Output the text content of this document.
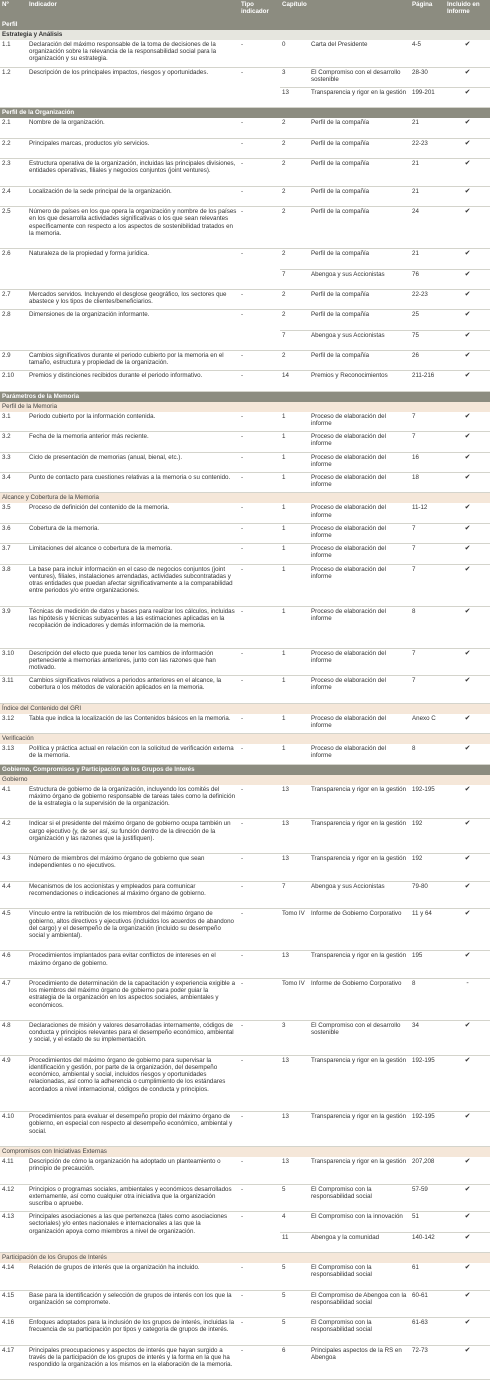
Nº	Indicador	Tipo indicador	Capítulo		Página	Incluido en Informe
Perfil						
Estrategia y Análisis						
1.1	Declaración del máximo responsable de la toma de decisiones de la organización sobre la relevancia de la responsabilidad social para la organización y su estrategia.	-	0	Carta del Presidente	4-5	✔
1.2	Descripción de los principales impactos, riesgos y oportunidades.	-	3	El Compromiso con el desarrollo sostenible	28-30	✔
			13	Transparencia y rigor en la gestión	199-201	✔
Perfil de la Organización						
2.1	Nombre de la organización.	-	2	Perfil de la compañía	21	✔
2.2	Principales marcas, productos y/o servicios.	-	2	Perfil de la compañía	22-23	✔
2.3	Estructura operativa de la organización, incluidas las principales divisiones, entidades operativas, filiales y negocios conjuntos (joint ventures).	-	2	Perfil de la compañía	21	✔
2.4	Localización de la sede principal de la organización.	-	2	Perfil de la compañía	21	✔
2.5	Número de países en los que opera la organización y nombre de los países en los que desarrolla actividades significativas o los que sean relevantes específicamente con respecto a los aspectos de sostenibilidad tratados en la memoria.	-	2	Perfil de la compañía	24	✔
2.6	Naturaleza de la propiedad y forma jurídica.	-	2	Perfil de la compañía	21	✔
			7	Abengoa y sus Accionistas	76	✔
2.7	Mercados servidos. Incluyendo el desglose geográfico, los sectores que abastece y los tipos de clientes/beneficiarios.	-	2	Perfil de la compañía	22-23	✔
2.8	Dimensiones de la organización informante.	-	2	Perfil de la compañía	25	✔
			7	Abengoa y sus Accionistas	75	✔
2.9	Cambios significativos durante el periodo cubierto por la memoria en el tamaño, estructura y propiedad de la organización.	-	2	Perfil de la compañía	26	✔
2.10	Premios y distinciones recibidos durante el periodo informativo.	-	14	Premios y Reconocimientos	211-216	✔
Parámetros de la Memoria						
Perfil de la Memoria						
3.1	Periodo cubierto por la información contenida.	-	1	Proceso de elaboración del informe	7	✔
3.2	Fecha de la memoria anterior más reciente.	-	1	Proceso de elaboración del informe	7	✔
3.3	Ciclo de presentación de memorias (anual, bienal, etc.).	-	1	Proceso de elaboración del informe	16	✔
3.4	Punto de contacto para cuestiones relativas a la memoria o su contenido.	-	1	Proceso de elaboración del informe	18	✔
Alcance y Cobertura de la Memoria						
3.5	Proceso de definición del contenido de la memoria.	-	1	Proceso de elaboración del informe	11-12	✔
3.6	Cobertura de la memoria.	-	1	Proceso de elaboración del informe	7	✔
3.7	Limitaciones del alcance o cobertura de la memoria.	-	1	Proceso de elaboración del informe	7	✔
3.8	La base para incluir información en el caso de negocios conjuntos (joint ventures), filiales, instalaciones arrendadas, actividades subcontratadas y otras entidades que puedan afectar significativamente a la comparabilidad entre periodos y/o entre organizaciones.	-	1	Proceso de elaboración del informe	7	✔
3.9	Técnicas de medición de datos y bases para realizar los cálculos, incluidas las hipótesis y técnicas subyacentes a las estimaciones aplicadas en la recopilación de indicadores y demás información de la memoria.	-	1	Proceso de elaboración del informe	8	✔
3.10	Descripción del efecto que pueda tener los cambios de información perteneciente a memorias anteriores, junto con las razones que han motivado.	-	1	Proceso de elaboración del informe	7	✔
3.11	Cambios significativos relativos a periodos anteriores en el alcance, la cobertura o los métodos de valoración aplicados en la memoria.	-	1	Proceso de elaboración del informe	7	✔
Índice del Contenido del GRI						
3.12	Tabla que indica la localización de las Contenidos básicos en la memoria.	-	1	Proceso de elaboración del informe	Anexo C	✔
Verificación						
3.13	Política y práctica actual en relación con la solicitud de verificación externa de la memoria.	-	1	Proceso de elaboración del informe	8	✔
Gobierno, Compromisos y Participación de los Grupos de Interés						
Gobierno						
4.1	Estructura de gobierno de la organización, incluyendo los comités del máximo órgano de gobierno responsable de tareas tales como la definición de la estrategia o la supervisión de la organización.	-	13	Transparencia y rigor en la gestión	192-195	✔
4.2	Indicar si el presidente del máximo órgano de gobierno ocupa también un cargo ejecutivo (y, de ser así, su función dentro de la dirección de la organización y las razones que la justifiquen).	-	13	Transparencia y rigor en la gestión	192	✔
4.3	Número de miembros del máximo órgano de gobierno que sean independientes o no ejecutivos.	-	13	Transparencia y rigor en la gestión	192	✔
4.4	Mecanismos de los accionistas y empleados para comunicar recomendaciones o indicaciones al máximo órgano de gobierno.	-	7	Abengoa y sus Accionistas	79-80	✔
4.5	Vínculo entre la retribución de los miembros del máximo órgano de gobierno, altos directivos y ejecutivos (incluidos los acuerdos de abandono del cargo) y el desempeño de la organización (incluido su desempeño social y ambiental).	-	Tomo IV	Informe de Gobierno Corporativo	11 y 64	✔
4.6	Procedimientos implantados para evitar conflictos de intereses en el máximo órgano de gobierno.	-	13	Transparencia y rigor en la gestión	195	✔
4.7	Procedimiento de determinación de la capacitación y experiencia exigible a los miembros del máximo órgano de gobierno para poder guiar la estrategia de la organización en los aspectos sociales, ambientales y económicos.	-	Tomo IV	Informe de Gobierno Corporativo	8	-
4.8	Declaraciones de misión y valores desarrolladas internamente, códigos de conducta y principios relevantes para el desempeño económico, ambiental y social, y el estado de su implementación.	-	3	El Compromiso con el desarrollo sostenible	34	✔
4.9	Procedimientos del máximo órgano de gobierno para supervisar la identificación y gestión, por parte de la organización, del desempeño económico, ambiental y social, incluidos riesgos y oportunidades relacionadas, así como la adherencia o cumplimiento de los estándares acordados a nivel internacional, códigos de conducta y principios.	-	13	Transparencia y rigor en la gestión	192-195	✔
4.10	Procedimientos para evaluar el desempeño propio del máximo órgano de gobierno, en especial con respecto al desempeño económico, ambiental y social.	-	13	Transparencia y rigor en la gestión	192-195	✔
Compromisos con Iniciativas Externas						
4.11	Descripción de cómo la organización ha adoptado un planteamiento o principio de precaución.	-	13	Transparencia y rigor en la gestión	207,208	✔
4.12	Principios o programas sociales, ambientales y económicos desarrollados externamente, así como cualquier otra iniciativa que la organización suscriba o apruebe.	-	5	El Compromiso con la responsabilidad social	57-59	✔
4.13	Principales asociaciones a las que pertenezca (tales como asociaciones sectoriales) y/o entes nacionales e internacionales a las que la organización apoya como miembros a nivel de organización.	-	4	El Compromiso con la innovación	51	✔
			11	Abengoa y la comunidad	140-142	✔
Participación de los Grupos de Interés						
4.14	Relación de grupos de interés que la organización ha incluido.	-	5	El Compromiso con la responsabilidad social	61	✔
4.15	Base para la identificación y selección de grupos de interés con los que la organización se compromete.	-	5	El Compromiso de Abengoa con la responsabilidad social	60-61	✔
4.16	Enfoques adoptados para la inclusión de los grupos de interés, incluidas la frecuencia de su participación por tipos y categoría de grupos de interés.	-	5	El Compromiso con la responsabilidad social	61-63	✔
4.17	Principales preocupaciones y aspectos de interés que hayan surgido a través de la participación de los grupos de interés y la forma en la que ha respondido la organización a los mismos en la elaboración de la memoria.	-	6	Principales aspectos de la RS en Abengoa	72-73	✔
